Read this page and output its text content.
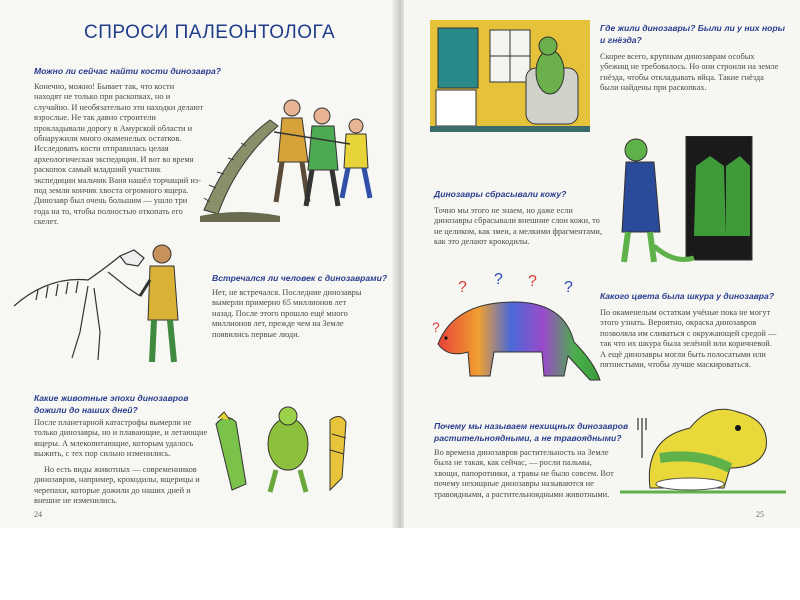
СПРОСИ ПАЛЕОНТОЛОГА

Можно ли сейчас найти кости динозавра?

Конечно, можно! Бывает так, что кости находят не только при раскопках, но и случайно. И необязательно эти находки делают взрослые. Не так давно строители прокладывали дорогу в Амурской области и обнаружили много окаменелых остатков. Исследовать кости отправилась целая археологическая экспедиция. И вот во время раскопок самый младший участник экспедиции мальчик Ваня нашёл торчащий из-под земли кончик хвоста огромного ящера. Динозавр был очень большим — ушло три года на то, чтобы полностью откопать его скелет.

Встречался ли человек с динозаврами?

Нет, не встречался. Последние динозавры вымерли примерно 65 миллионов лет назад. После этого прошло ещё много миллионов лет, прежде чем на Земле появились первые люди.

Какие животные эпохи динозавров дожили до наших дней?

После планетарной катастрофы вымерли не только динозавры, но и плавающие, и летающие ящеры. А млекопитающие, которым удалось выжить, с тех пор сильно изменились.

Но есть виды животных — современников динозавров, например, крокодилы, ящерицы и черепахи, которые дожили до наших дней и внешне не изменились.

24

Где жили динозавры? Были ли у них норы и гнёзда?

Скорее всего, крупным динозаврам особых убежищ не требовалось. Но они строили на земле гнёзда, чтобы откладывать яйца. Такие гнёзда были найдены при раскопках.

Динозавры сбрасывали кожу?

Точно мы этого не знаем, но даже если динозавры сбрасывали внешние слои кожи, то не целиком, как змеи, а мелкими фрагментами, как это делают крокодилы.

? ? ? ?
?

Какого цвета была шкура у динозавра?

По окаменелым остаткам учёные пока не могут этого узнать. Вероятно, окраска динозавров позволяла им сливаться с окружающей средой — так что их шкура была зелёной или коричневой. А ещё динозавры могли быть полосатыми или пятнистыми, чтобы лучше маскироваться.

Почему мы называем нехищных динозавров растительноядными, а не травоядными?

Во времена динозавров растительность на Земле была не такая, как сейчас, — росли пальмы, хвощи, папоротники, а травы не было совсем. Вот почему нехищные динозавры называются не травоядными, а растительноядными животными.

25
